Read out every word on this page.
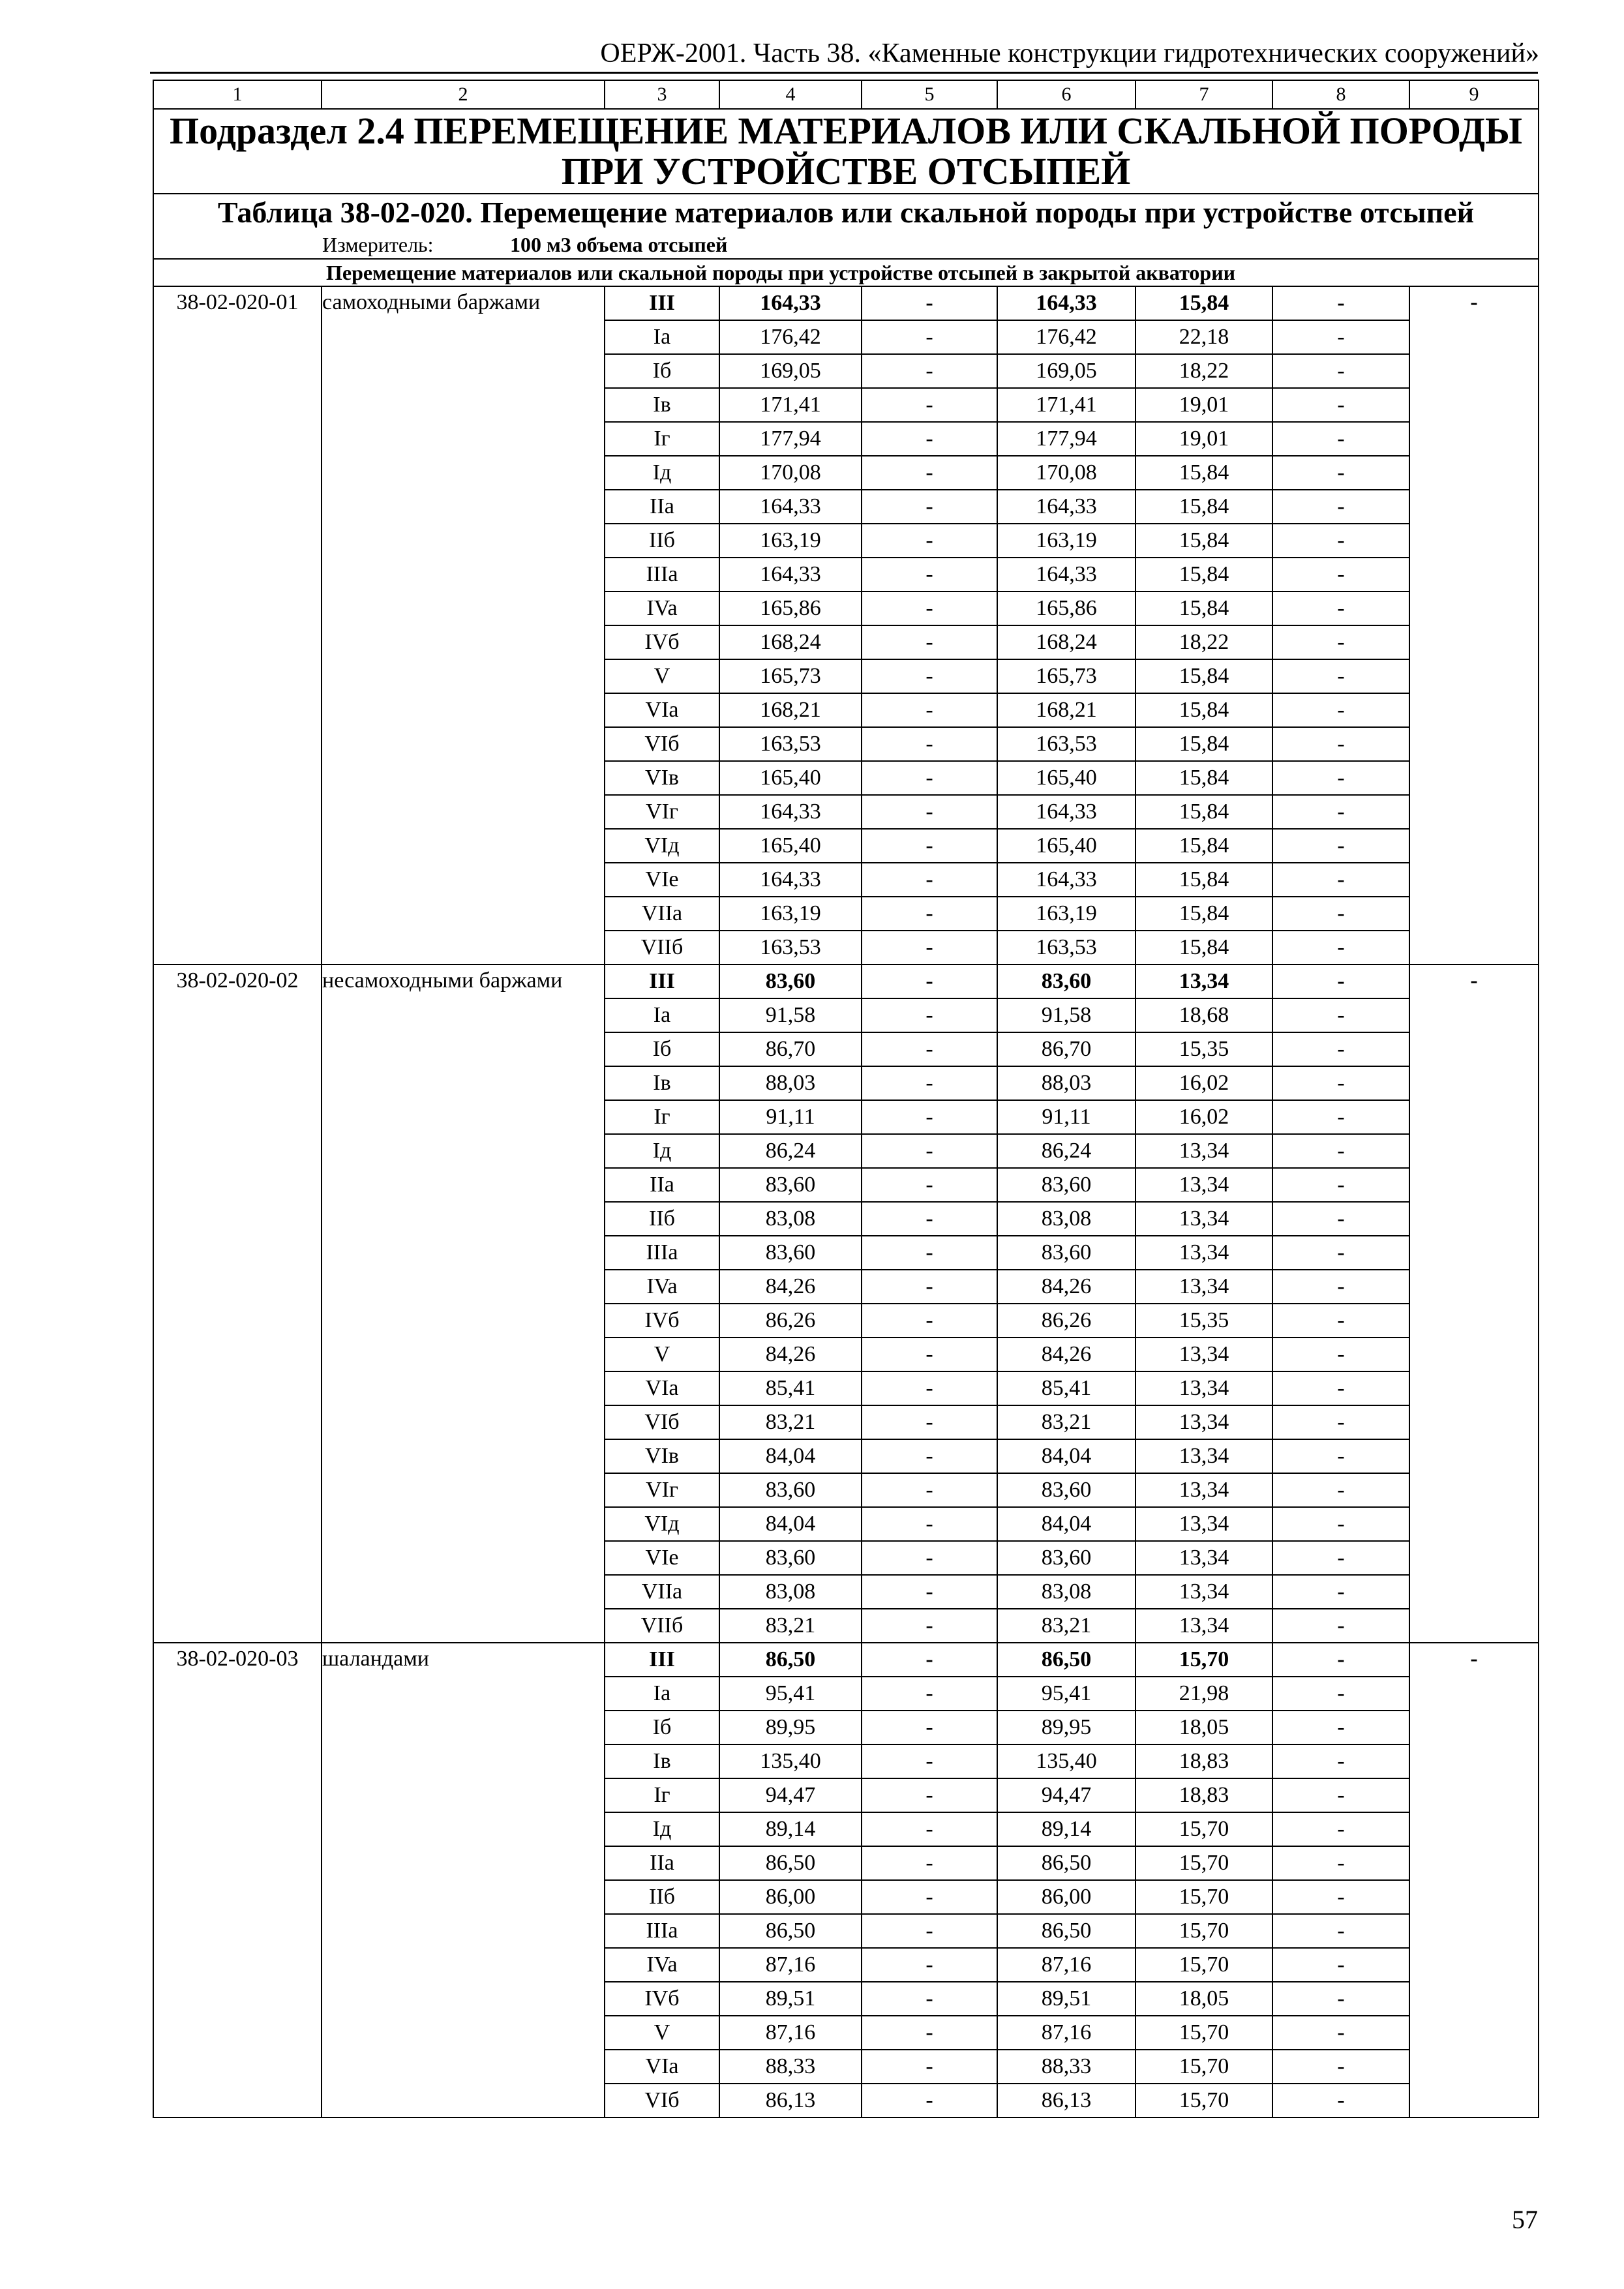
ОЕРЖ-2001. Часть 38. «Каменные конструкции гидротехнических сооружений»
1	2	3	4	5	6	7	8	9
Подраздел 2.4 ПЕРЕМЕЩЕНИЕ МАТЕРИАЛОВ ИЛИ СКАЛЬНОЙ ПОРОДЫ ПРИ УСТРОЙСТВЕ ОТСЫПЕЙ								
Таблица 38-02-020. Перемещение материалов или скальной породы при устройстве отсыпей								
Измеритель: 100 м3 объема отсыпей								
Перемещение материалов или скальной породы при устройстве отсыпей в закрытой акватории								
38-02-020-01	самоходными баржами	III	164,33	-	164,33	15,84	-	-
		Ia	176,42	-	176,42	22,18	-	
		Iб	169,05	-	169,05	18,22	-	
		Iв	171,41	-	171,41	19,01	-	
		Iг	177,94	-	177,94	19,01	-	
		Iд	170,08	-	170,08	15,84	-	
		IIa	164,33	-	164,33	15,84	-	
		IIб	163,19	-	163,19	15,84	-	
		IIIa	164,33	-	164,33	15,84	-	
		IVa	165,86	-	165,86	15,84	-	
		IVб	168,24	-	168,24	18,22	-	
		V	165,73	-	165,73	15,84	-	
		VIa	168,21	-	168,21	15,84	-	
		VIб	163,53	-	163,53	15,84	-	
		VIв	165,40	-	165,40	15,84	-	
		VIг	164,33	-	164,33	15,84	-	
		VIд	165,40	-	165,40	15,84	-	
		VIe	164,33	-	164,33	15,84	-	
		VIIa	163,19	-	163,19	15,84	-	
		VIIб	163,53	-	163,53	15,84	-	
38-02-020-02	несамоходными баржами	III	83,60	-	83,60	13,34	-	-
		Ia	91,58	-	91,58	18,68	-	
		Iб	86,70	-	86,70	15,35	-	
		Iв	88,03	-	88,03	16,02	-	
		Iг	91,11	-	91,11	16,02	-	
		Iд	86,24	-	86,24	13,34	-	
		IIa	83,60	-	83,60	13,34	-	
		IIб	83,08	-	83,08	13,34	-	
		IIIa	83,60	-	83,60	13,34	-	
		IVa	84,26	-	84,26	13,34	-	
		IVб	86,26	-	86,26	15,35	-	
		V	84,26	-	84,26	13,34	-	
		VIa	85,41	-	85,41	13,34	-	
		VIб	83,21	-	83,21	13,34	-	
		VIв	84,04	-	84,04	13,34	-	
		VIг	83,60	-	83,60	13,34	-	
		VIд	84,04	-	84,04	13,34	-	
		VIe	83,60	-	83,60	13,34	-	
		VIIa	83,08	-	83,08	13,34	-	
		VIIб	83,21	-	83,21	13,34	-	
38-02-020-03	шаландами	III	86,50	-	86,50	15,70	-	-
		Ia	95,41	-	95,41	21,98	-	
		Iб	89,95	-	89,95	18,05	-	
		Iв	135,40	-	135,40	18,83	-	
		Iг	94,47	-	94,47	18,83	-	
		Iд	89,14	-	89,14	15,70	-	
		IIa	86,50	-	86,50	15,70	-	
		IIб	86,00	-	86,00	15,70	-	
		IIIa	86,50	-	86,50	15,70	-	
		IVa	87,16	-	87,16	15,70	-	
		IVб	89,51	-	89,51	18,05	-	
		V	87,16	-	87,16	15,70	-	
		VIa	88,33	-	88,33	15,70	-	
		VIб	86,13	-	86,13	15,70	-	
57
